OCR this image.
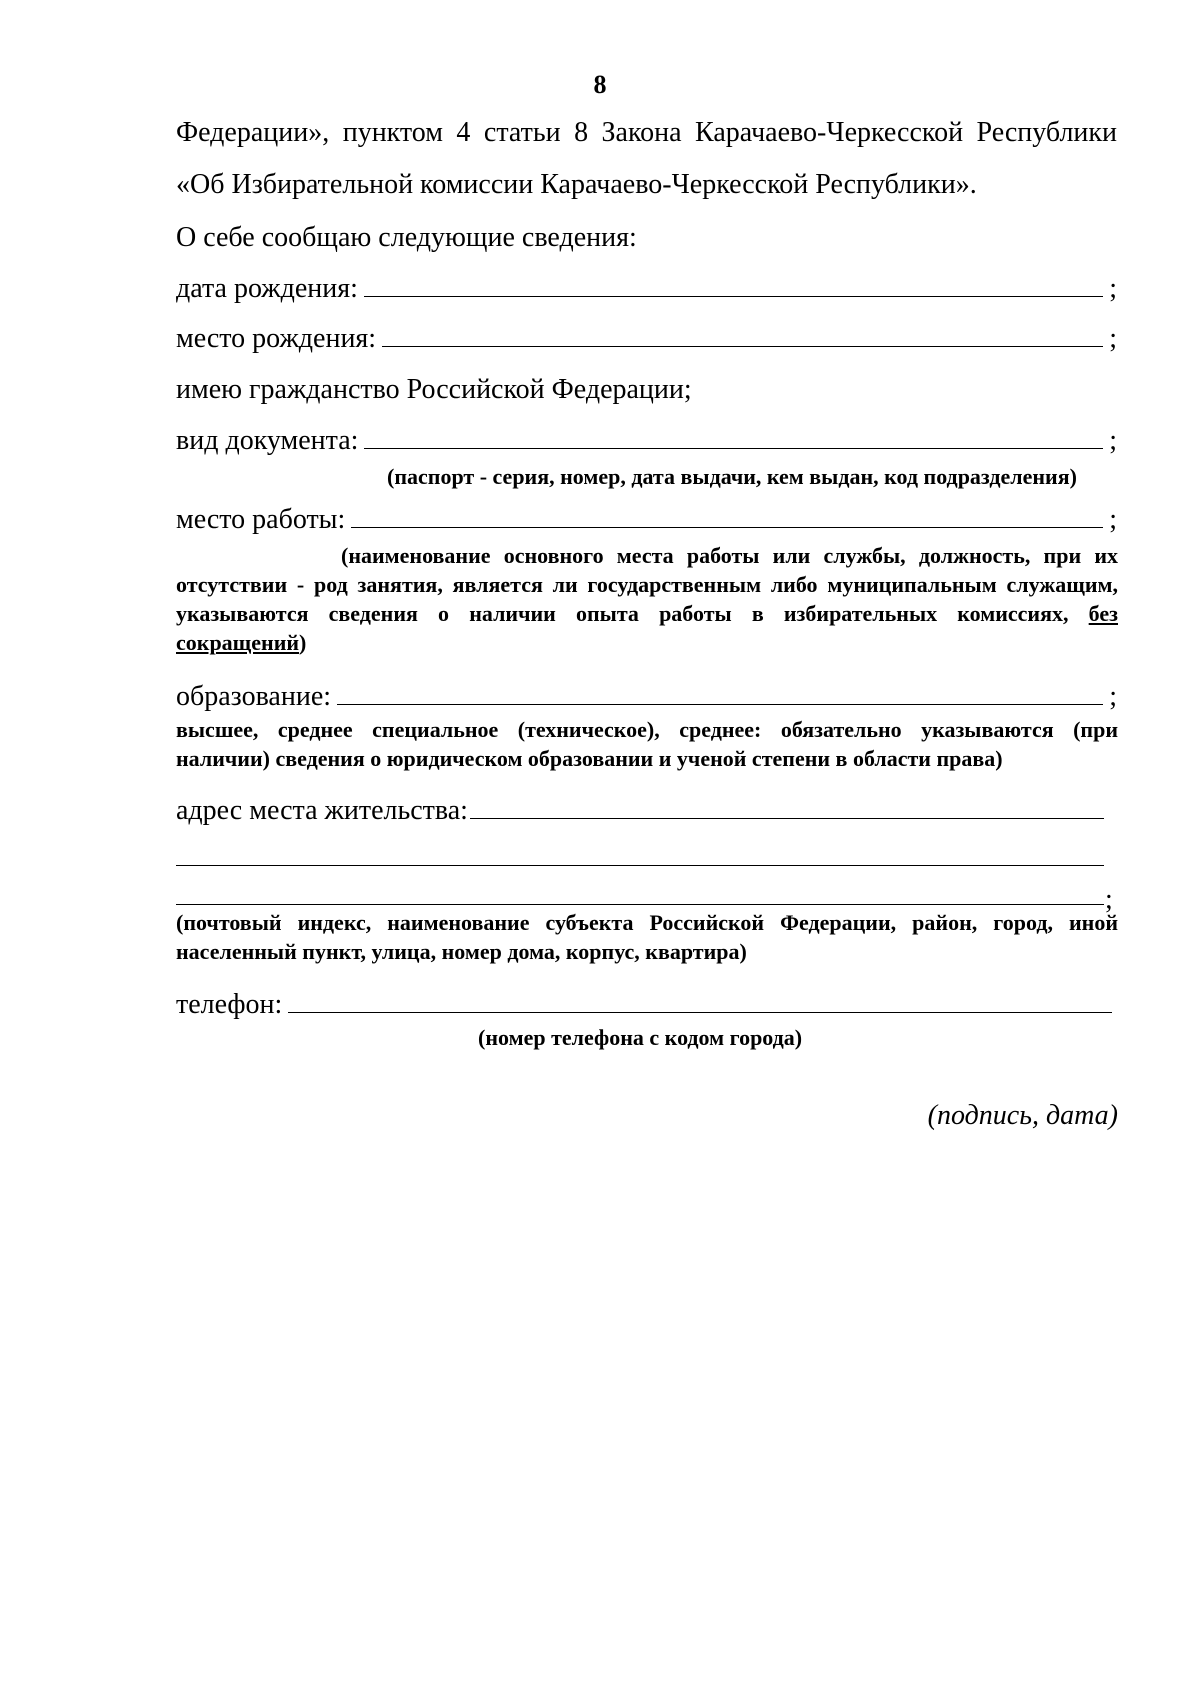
8
Федерации», пунктом 4 статьи 8 Закона Карачаево-Черкесской Республики
«Об Избирательной комиссии Карачаево-Черкесской Республики».
О себе сообщаю следующие сведения:
дата рождения:	;
место рождения:	;
имею гражданство Российской Федерации;
вид документа:	;
(паспорт - серия, номер, дата выдачи, кем выдан, код подразделения)
место работы:	;
(наименование основного места работы или службы, должность, при их
отсутствии - род занятия, является ли государственным либо муниципальным служащим,
указываются сведения о наличии опыта работы в избирательных комиссиях, без
сокращений)
образование:	;
высшее, среднее специальное (техническое), среднее: обязательно указываются (при
наличии) сведения о юридическом образовании и ученой степени в области права)
адрес места жительства:
;
(почтовый индекс, наименование субъекта Российской Федерации, район, город, иной
населенный пункт, улица, номер дома, корпус, квартира)
телефон:
(номер телефона с кодом города)
(подпись, дата)
